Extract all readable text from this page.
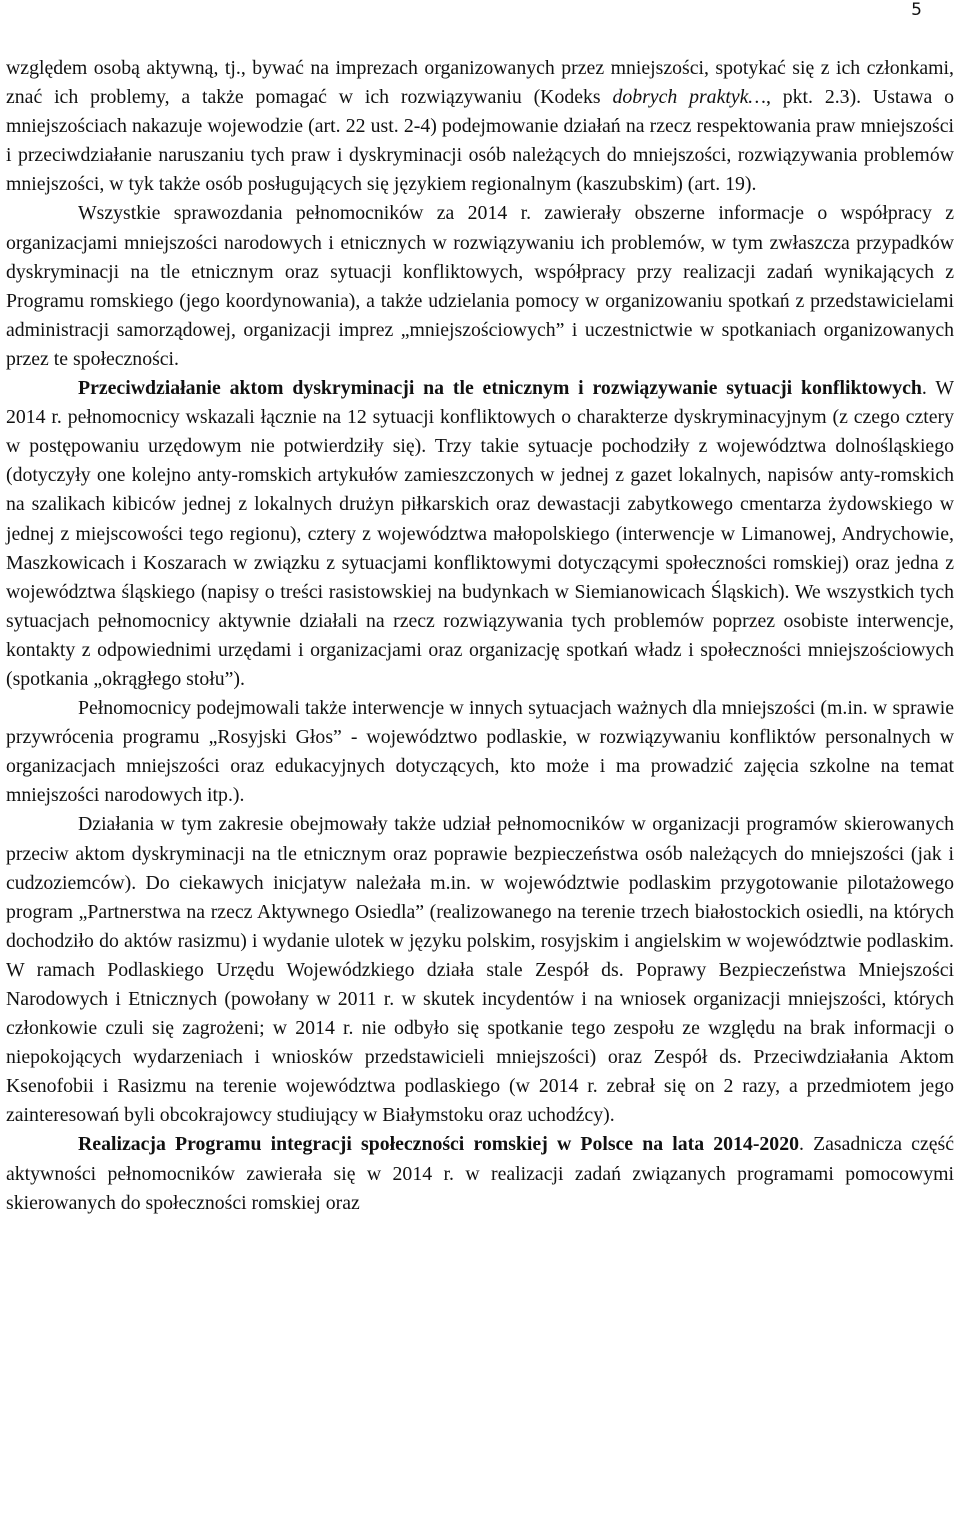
5

względem osobą aktywną, tj., bywać na imprezach organizowanych przez mniejszości, spotykać się z ich członkami, znać ich problemy, a także pomagać w ich rozwiązywaniu (Kodeks dobrych praktyk…, pkt. 2.3). Ustawa o mniejszościach nakazuje wojewodzie (art. 22 ust. 2-4) podejmowanie działań na rzecz respektowania praw mniejszości i przeciwdziałanie naruszaniu tych praw i dyskryminacji osób należących do mniejszości, rozwiązywania problemów mniejszości, w tyk także osób posługujących się językiem regionalnym (kaszubskim) (art. 19).

Wszystkie sprawozdania pełnomocników za 2014 r. zawierały obszerne informacje o współpracy z organizacjami mniejszości narodowych i etnicznych w rozwiązywaniu ich problemów, w tym zwłaszcza przypadków dyskryminacji na tle etnicznym oraz sytuacji konfliktowych, współpracy przy realizacji zadań wynikających z Programu romskiego (jego koordynowania), a także udzielania pomocy w organizowaniu spotkań z przedstawicielami administracji samorządowej, organizacji imprez „mniejszościowych” i uczestnictwie w spotkaniach organizowanych przez te społeczności.

Przeciwdziałanie aktom dyskryminacji na tle etnicznym i rozwiązywanie sytuacji konfliktowych. W 2014 r. pełnomocnicy wskazali łącznie na 12 sytuacji konfliktowych o charakterze dyskryminacyjnym (z czego cztery w postępowaniu urzędowym nie potwierdziły się). Trzy takie sytuacje pochodziły z województwa dolnośląskiego (dotyczyły one kolejno anty-romskich artykułów zamieszczonych w jednej z gazet lokalnych, napisów anty-romskich na szalikach kibiców jednej z lokalnych drużyn piłkarskich oraz dewastacji zabytkowego cmentarza żydowskiego w jednej z miejscowości tego regionu), cztery z województwa małopolskiego (interwencje w Limanowej, Andrychowie, Maszkowicach i Koszarach w związku z sytuacjami konfliktowymi dotyczącymi społeczności romskiej) oraz jedna z województwa śląskiego (napisy o treści rasistowskiej na budynkach w Siemianowicach Śląskich). We wszystkich tych sytuacjach pełnomocnicy aktywnie działali na rzecz rozwiązywania tych problemów poprzez osobiste interwencje, kontakty z odpowiednimi urzędami i organizacjami oraz organizację spotkań władz i społeczności mniejszościowych (spotkania „okrągłego stołu”).

Pełnomocnicy podejmowali także interwencje w innych sytuacjach ważnych dla mniejszości (m.in. w sprawie przywrócenia programu „Rosyjski Głos” - województwo podlaskie, w rozwiązywaniu konfliktów personalnych w organizacjach mniejszości oraz edukacyjnych dotyczących, kto może i ma prowadzić zajęcia szkolne na temat mniejszości narodowych itp.).

Działania w tym zakresie obejmowały także udział pełnomocników w organizacji programów skierowanych przeciw aktom dyskryminacji na tle etnicznym oraz poprawie bezpieczeństwa osób należących do mniejszości (jak i cudzoziemców). Do ciekawych inicjatyw należała m.in. w województwie podlaskim przygotowanie pilotażowego program „Partnerstwa na rzecz Aktywnego Osiedla” (realizowanego na terenie trzech białostockich osiedli, na których dochodziło do aktów rasizmu) i wydanie ulotek w języku polskim, rosyjskim i angielskim w województwie podlaskim. W ramach Podlaskiego Urzędu Wojewódzkiego działa stale Zespół ds. Poprawy Bezpieczeństwa Mniejszości Narodowych i Etnicznych (powołany w 2011 r. w skutek incydentów i na wniosek organizacji mniejszości, których członkowie czuli się zagrożeni; w 2014 r. nie odbyło się spotkanie tego zespołu ze względu na brak informacji o niepokojących wydarzeniach i wniosków przedstawicieli mniejszości) oraz Zespół ds. Przeciwdziałania Aktom Ksenofobii i Rasizmu na terenie województwa podlaskiego (w 2014 r. zebrał się on 2 razy, a przedmiotem jego zainteresowań byli obcokrajowcy studiujący w Białymstoku oraz uchodźcy).

Realizacja Programu integracji społeczności romskiej w Polsce na lata 2014-2020. Zasadnicza część aktywności pełnomocników zawierała się w 2014 r. w realizacji zadań związanych programami pomocowymi skierowanych do społeczności romskiej oraz
